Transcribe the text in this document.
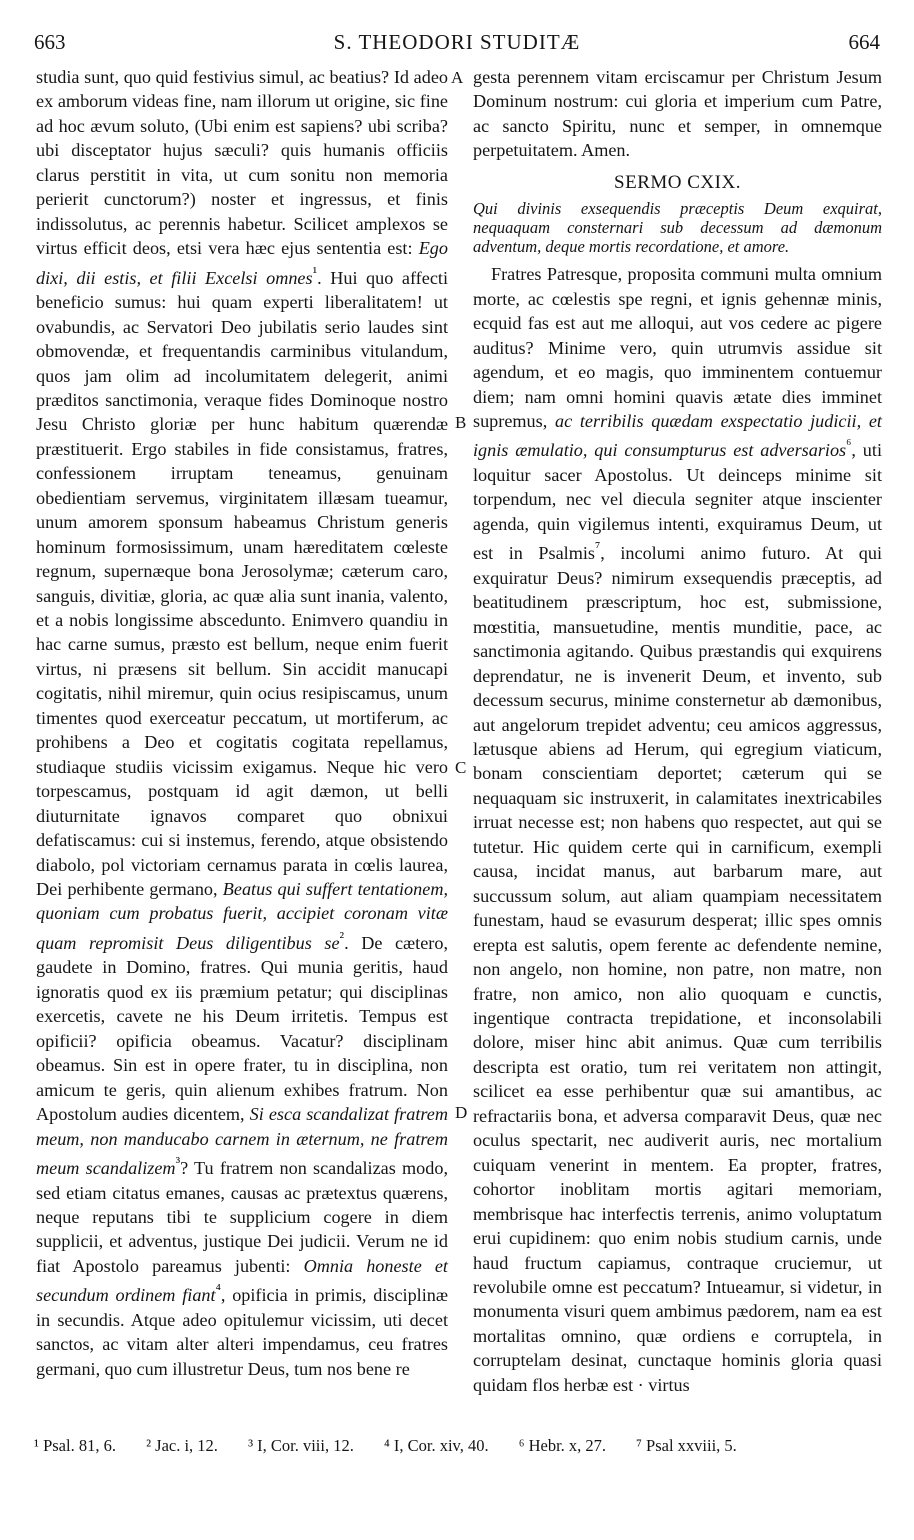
663	S. THEODORI STUDITÆ	664

studia sunt, quo quid festivius simul, ac beatius? Id adeo ex amborum videas fine, nam illorum ut origine, sic fine ad hoc ævum soluto, (Ubi enim est sapiens? ubi scriba? ubi disceptator hujus sæculi? quis humanis officiis clarus perstitit in vita, ut cum sonitu non memoria perierit cunctorum?) noster et ingressus, et finis indissolutus, ac perennis habetur. Scilicet amplexos se virtus efficit deos, etsi vera hæc ejus sententia est: Ego dixi, dii estis, et filii Excelsi omnes$^{^1}$. Hui quo affecti beneficio sumus: hui quam experti liberalitatem! ut ovabundis, ac Servatori Deo jubilatis serio laudes sint obmovendæ, et frequentandis carminibus vitulandum, quos jam olim ad incolumitatem delegerit, animi præditos sanctimonia, veraque fides Dominoque nostro Jesu Christo gloriæ per hunc habitum quærendæ præstituerit. Ergo stabiles in fide consistamus, fratres, confessionem irruptam teneamus, genuinam obedientiam servemus, virginitatem illæsam tueamur, unum amorem sponsum habeamus Christum generis hominum formosissimum, unam hæreditatem cœleste regnum, supernæque bona Jerosolymæ; cæterum caro, sanguis, divitiæ, gloria, ac quæ alia sunt inania, valento, et a nobis longissime abscedunto. Enimvero quandiu in hac carne sumus, præsto est bellum, neque enim fuerit virtus, ni præsens sit bellum. Sin accidit manucapi cogitatis, nihil miremur, quin ocius resipiscamus, unum timentes quod exerceatur peccatum, ut mortiferum, ac prohibens a Deo et cogitatis cogitata repellamus, studiaque studiis vicissim exigamus. Neque hic vero torpescamus, postquam id agit dæmon, ut belli diuturnitate ignavos comparet quo obnixui defatiscamus: cui si instemus, ferendo, atque obsistendo diabolo, pol victoriam cernamus parata in cœlis laurea, Dei perhibente germano, Beatus qui suffert tentationem, quoniam cum probatus fuerit, accipiet coronam vitæ quam repromisit Deus diligentibus $se^{^2}$. De cætero, gaudete in Domino, fratres. Qui munia geritis, haud ignoratis quod ex iis præmium petatur; qui disciplinas exercetis, cavete ne his Deum irritetis. Tempus est opificii? opificia obeamus. Vacatur? disciplinam obeamus. Sin est in opere frater, tu in disciplina, non amicum te geris, quin alienum exhibes fratrum. Non Apostolum audies dicentem, Si esca scandalizat fratrem meum, non manducabo carnem in æternum, ne fratrem meum scandalizem$^{^3}$? Tu fratrem non scandalizas modo, sed etiam citatus emanes, causas ac prætextus quærens, neque reputans tibi te supplicium cogere in diem supplicii, et adventus, justique Dei judicii. Verum ne id fiat Apostolo pareamus jubenti: Omnia honeste et secundum ordinem fiant$^{^4}$, opificia in primis, disciplinæ in secundis. Atque adeo opitulemur vicissim, uti decet sanctos, ac vitam alter alteri impendamus, ceu fratres germani, quo cum illustretur Deus, tum nos bene re

A
B
C
D

gesta perennem vitam erciscamur per Christum Jesum Dominum nostrum: cui gloria et imperium cum Patre, ac sancto Spiritu, nunc et semper, in omnemque perpetuitatem. Amen.

SERMO CXIX.
Qui divinis exsequendis præceptis Deum exquirat, nequaquam consternari sub decessum ad dæmonum adventum, deque mortis recordatione, et amore.

Fratres Patresque, proposita communi multa omnium morte, ac cœlestis spe regni, et ignis gehennæ minis, ecquid fas est aut me alloqui, aut vos cedere ac pigere auditus? Minime vero, quin utrumvis assidue sit agendum, et eo magis, quo imminentem contuemur diem; nam omni homini quavis ætate dies imminet supremus, ac terribilis quædam exspectatio judicii, et ignis æmulatio, qui consumpturus est adversarios$^{^6}$, uti loquitur sacer Apostolus. Ut deinceps minime sit torpendum, nec vel diecula segniter atque inscienter agenda, quin vigilemus intenti, exquiramus Deum, ut est in Psalmis$^{^7}$, incolumi animo futuro. At qui exquiratur Deus? nimirum exsequendis præceptis, ad beatitudinem præscriptum, hoc est, submissione, mœstitia, mansuetudine, mentis munditie, pace, ac sanctimonia agitando. Quibus præstandis qui exquirens deprendatur, ne is invenerit Deum, et invento, sub decessum securus, minime consternetur ab dæmonibus, aut angelorum trepidet adventu; ceu amicos aggressus, lætusque abiens ad Herum, qui egregium viaticum, bonam conscientiam deportet; cæterum qui se nequaquam sic instruxerit, in calamitates inextricabiles irruat necesse est; non habens quo respectet, aut qui se tutetur. Hic quidem certe qui in carnificum, exempli causa, incidat manus, aut barbarum mare, aut succussum solum, aut aliam quampiam necessitatem funestam, haud se evasurum desperat; illic spes omnis erepta est salutis, opem ferente ac defendente nemine, non angelo, non homine, non patre, non matre, non fratre, non amico, non alio quoquam e cunctis, ingentique contracta trepidatione, et inconsolabili dolore, miser hinc abit animus. Quæ cum terribilis descripta est oratio, tum rei veritatem non attingit, scilicet ea esse perhibentur quæ sui amantibus, ac refractariis bona, et adversa comparavit Deus, quæ nec oculus spectarit, nec audiverit auris, nec mortalium cuiquam venerint in mentem. Ea propter, fratres, cohortor inoblitam mortis agitari memoriam, membrisque hac interfectis terrenis, animo voluptatum erui cupidinem: quo enim nobis studium carnis, unde haud fructum capiamus, contraque cruciemur, ut revolubile omne est peccatum? Intueamur, si videtur, in monumenta visuri quem ambimus pædorem, nam ea est mortalitas omnino, quæ ordiens e corruptela, in corruptelam desinat, cunctaque hominis gloria quasi quidam flos herbæ est · virtus

¹ Psal. 81, 6. ² Jac. i, 12. ³ I, Cor. viii, 12. ⁴ I, Cor. xiv, 40. ⁶ Hebr. x, 27. ⁷ Psal xxviii, 5.
